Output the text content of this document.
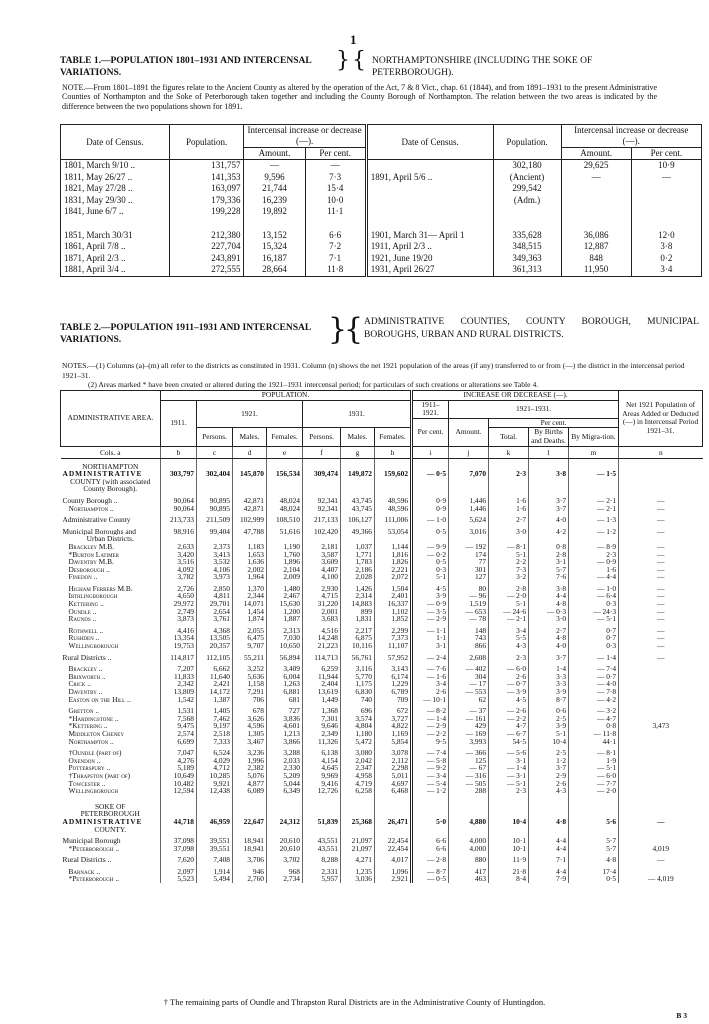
1
TABLE 1.—POPULATION 1801–1931 AND INTERCENSAL VARIATIONS.	} { NORTHAMPTONSHIRE (INCLUDING THE SOKE OF PETERBOROUGH).
NOTE.—From 1801–1891 the figures relate to the Ancient County as altered by the operation of the Act, 7 & 8 Vict., chap. 61 (1844), and from 1891–1931 to the present Administrative Counties of Northampton and the Soke of Peterborough taken together and including the County Borough of Northampton. The relation between the two areas is indicated by the difference between the two populations shown for 1891.
Date of Census.	Population.	Intercensal increase or decrease (—).		Date of Census.	Population.	Intercensal increase or decrease (—).	
		Amount.	Per cent.			Amount.	Per cent.
1801, March 9/10 ..	131,757	—	—		302,180	29,625	10·9
1811, May 26/27 ..	141,353	9,596	7·3	1891, April 5/6 ..	(Ancient)	—	—
1821, May 27/28 ..	163,097	21,744	15·4		299,542		
1831, May 29/30 ..	179,336	16,239	10·0		(Adm.)		
1841, June 6/7 ..	199,228	19,892	11·1				

1851, March 30/31	212,380	13,152	6·6	1901, March 31— April 1	335,628	36,086	12·0
1861, April 7/8 ..	227,704	15,324	7·2	1911, April 2/3 ..	348,515	12,887	3·8
1871, April 2/3 ..	243,891	16,187	7·1	1921, June 19/20	349,363	848	0·2
1881, April 3/4 ..	272,555	28,664	11·8	1931, April 26/27	361,313	11,950	3·4
TABLE 2.—POPULATION 1911–1931 AND INTERCENSAL VARIATIONS.	}
{ ADMINISTRATIVE COUNTIES, COUNTY BOROUGH, MUNICIPAL BOROUGHS, URBAN AND RURAL DISTRICTS.
NOTES.—(1) Columns (a)–(m) all refer to the districts as constituted in 1931. Column (n) shows the net 1921 population of the areas (if any) transferred to or from (—) the district in the intercensal period 1921–31.
(2) Areas marked * have been created or altered during the 1921–1931 intercensal period; for particulars of such creations or alterations see Table 4.
ADMINISTRATIVE AREA.	POPULATION.							INCREASE OR DECREASE (—).					Net 1921 Population of Areas Added or Deducted (—) in Intercensal Period 1921–31.
	1911.	1921.			1931.			1911–1921.	1921–1931.				
								Per cent.	Amount.	Per cent.			
		Persons.	Males.	Females.	Persons.	Males.	Females.			Total.	By Births and Deaths.	By Migra-tion.	
Cols. a	b	c	d	e	f	g	h	i	j	k	l	m	n

NORTHAMPTON													
ADMINISTRATIVE	303,797	302,404	145,870	156,534	309,474	149,872	159,602	— 0·5	7,070	2·3	3·8	— 1·5	
COUNTY (with associated													
County Borough).													

County Borough ..	90,064	90,895	42,871	48,024	92,341	43,745	48,596	0·9	1,446	1·6	3·7	— 2·1	—
Northampton ..	90,064	90,895	42,871	48,024	92,341	43,745	48,596	0·9	1,446	1·6	3·7	— 2·1	—

Administrative County	213,733	211,509	102,999	108,510	217,133	106,127	111,006	— 1·0	5,624	2·7	4·0	— 1·3	—

Municipal Boroughs and	98,916	99,404	47,788	51,616	102,420	49,366	53,054	0·5	3,016	3·0	4·2	— 1·2	—
Urban Districts.													
Brackley M.B.	2,633	2,373	1,183	1,190	2,181	1,037	1,144	— 9·9	— 192	— 8·1	0·8	— 8·9	—
*Burton Latimer	3,420	3,413	1,653	1,760	3,587	1,771	1,816	— 0·2	174	5·1	2·8	2·3	—
Daventry M.B.	3,516	3,532	1,636	1,896	3,609	1,783	1,826	0·5	77	2·2	3·1	— 0·9	—
Desborough ..	4,092	4,106	2,002	2,104	4,407	2,186	2,221	0·3	301	7·3	5·7	1·6	—
Finedon ..	3,782	3,973	1,964	2,009	4,100	2,028	2,072	5·1	127	3·2	7·6	— 4·4	—

Higham Ferrers M.B.	2,726	2,850	1,370	1,480	2,930	1,426	1,504	4·5	80	2·8	3·8	— 1·0	—
Irthlingborough	4,650	4,811	2,344	2,467	4,715	2,314	2,401	3·9	— 96	— 2·0	4·4	— 6·4	—
Kettering ..	29,972	29,701	14,071	15,630	31,220	14,883	16,337	— 0·9	1,519	5·1	4·8	0·3	—
Oundle ..	2,749	2,654	1,454	1,200	2,001	899	1,102	— 3·5	— 653	— 24·6	— 0·3	— 24·3	—
Raunds ..	3,873	3,761	1,874	1,887	3,683	1,831	1,852	— 2·9	— 78	— 2·1	3·0	— 5·1	—

Rothwell ..	4,416	4,368	2,055	2,313	4,516	2,217	2,299	— 1·1	148	3·4	2·7	0·7	—
Rushden ..	13,354	13,505	6,475	7,030	14,248	6,875	7,373	1·1	743	5·5	4·8	0·7	—
Wellingborough	19,753	20,357	9,707	10,650	21,223	10,116	11,107	3·1	866	4·3	4·0	0·3	—

Rural Districts ..	114,817	112,105	55,211	56,894	114,713	56,761	57,952	— 2·4	2,608	2·3	3·7	— 1·4	—

Brackley ..	7,207	6,662	3,252	3,409	6,259	3,116	3,143	— 7·6	— 402	— 6·0	1·4	— 7·4	
Brixworth ..	11,833	11,640	5,636	6,004	11,944	5,770	6,174	— 1·6	304	2·6	3·3	— 0·7	
Crick ..	2,342	2,421	1,158	1,263	2,404	1,175	1,229	3·4	— 17	— 0·7	3·3	— 4·0	
Daventry ..	13,809	14,172	7,291	6,881	13,619	6,830	6,789	2·6	— 553	— 3·9	3·9	— 7·8	
Easton on the Hill ..	1,542	1,387	706	681	1,449	740	709	— 10·1	62	4·5	8·7	— 4·2	

Gretton ..	1,531	1,405	678	727	1,368	696	672	— 8·2	— 37	— 2·6	0·6	— 3·2	
*Hardingstone ..	7,568	7,462	3,626	3,836	7,301	3,574	3,727	— 1·4	— 161	— 2·2	2·5	— 4·7	
*Kettering ..	9,475	9,197	4,596	4,601	9,646	4,804	4,822	— 2·9	429	4·7	3·9	0·8	3,473
Middleton Cheney	2,574	2,518	1,305	1,213	2,349	1,180	1,169	— 2·2	— 169	— 6·7	5·1	— 11·8	
Northampton ..	6,699	7,333	3,467	3,866	11,326	5,472	5,854	9·5	3,993	54·5	10·4	44·1	

†Oundle (part of)	7,047	6,524	3,236	3,288	6,138	3,080	3,078	— 7·4	— 366	— 5·6	2·5	— 8·1	
Oxendon ..	4,276	4,029	1,996	2,033	4,154	2,042	2,112	— 5·8	125	3·1	1·2	1·9	
Potterspury ..	5,189	4,712	2,382	2,330	4,645	2,347	2,298	— 9·2	— 67	— 1·4	3·7	— 5·1	
†Thrapston (part of)	10,649	10,285	5,076	5,209	9,969	4,958	5,011	— 3·4	— 316	— 3·1	2·9	— 6·0	
Towcester ..	10,482	9,921	4,877	5,044	9,416	4,719	4,697	— 5·4	— 505	— 5·1	2·6	— 7·7	
Wellingborough	12,594	12,438	6,089	6,349	12,726	6,258	6,468	— 1·2	288	2·3	4·3	— 2·0	

SOKE OF													
PETERBOROUGH													
ADMINISTRATIVE	44,718	46,959	22,647	24,312	51,839	25,368	26,471	5·0	4,880	10·4	4·8	5·6	—
COUNTY.													

Municipal Borough	37,098	39,551	18,941	20,610	43,551	21,097	22,454	6·6	4,000	10·1	4·4	5·7	
*Peterborough ..	37,098	39,551	18,941	20,610	43,551	21,097	22,454	6·6	4,000	10·1	4·4	5·7	4,019

Rural Districts ..	7,620	7,408	3,706	3,702	8,288	4,271	4,017	— 2·8	880	11·9	7·1	4·8	—

Barnack ..	2,097	1,914	946	968	2,331	1,235	1,096	— 8·7	417	21·8	4·4	17·4	
*Peterborough ..	5,523	5,494	2,760	2,734	5,957	3,036	2,921	— 0·5	463	8·4	7·9	0·5	— 4,019
† The remaining parts of Oundle and Thrapston Rural Districts are in the Administrative County of Huntingdon.
B 3
